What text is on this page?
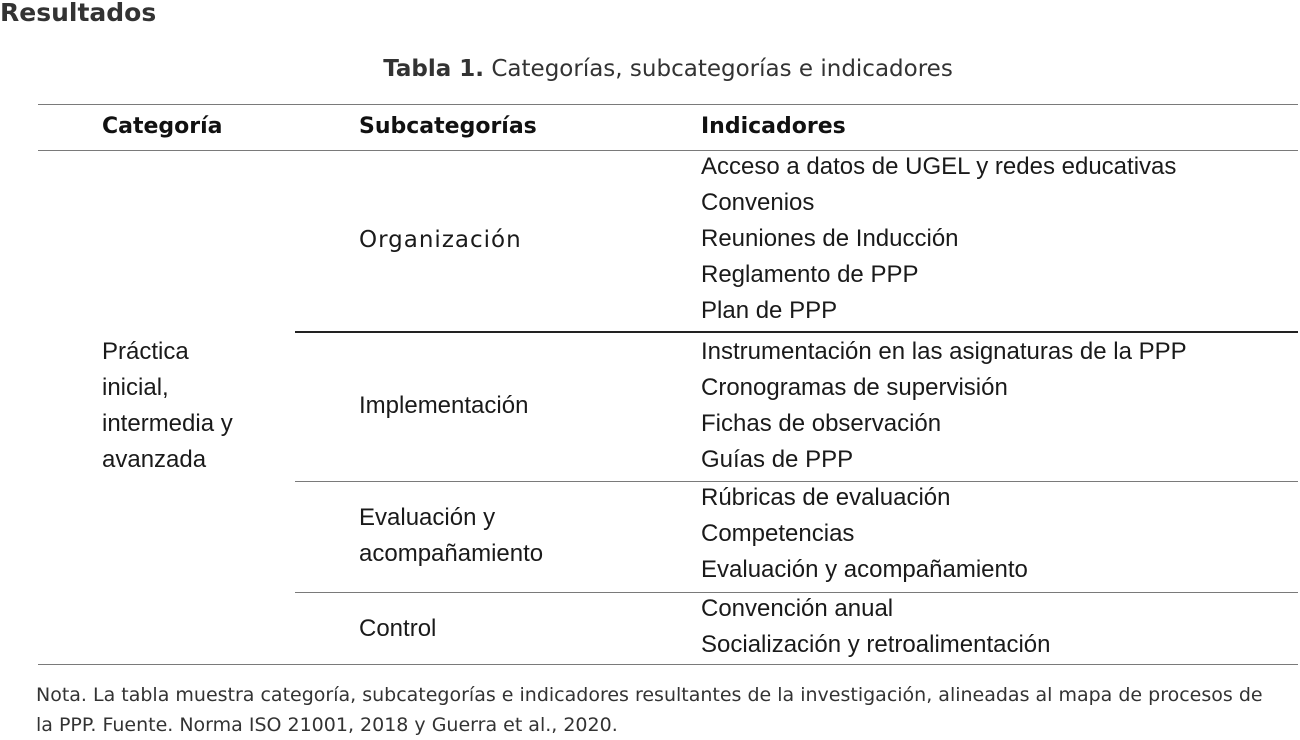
Resultados
Tabla 1. Categorías, subcategorías e indicadores
Categoría	Subcategorías	Indicadores
Práctica
inicial,
intermedia y
avanzada
Organización
Acceso a datos de UGEL y redes educativas
Convenios
Reuniones de Inducción
Reglamento de PPP
Plan de PPP
Implementación
Instrumentación en las asignaturas de la PPP
Cronogramas de supervisión
Fichas de observación
Guías de PPP
Evaluación y
acompañamiento
Rúbricas de evaluación
Competencias
Evaluación y acompañamiento
Control
Convención anual
Socialización y retroalimentación
Nota. La tabla muestra categoría, subcategorías e indicadores resultantes de la investigación, alineadas al mapa de procesos de la PPP. Fuente. Norma ISO 21001, 2018 y Guerra et al., 2020.
